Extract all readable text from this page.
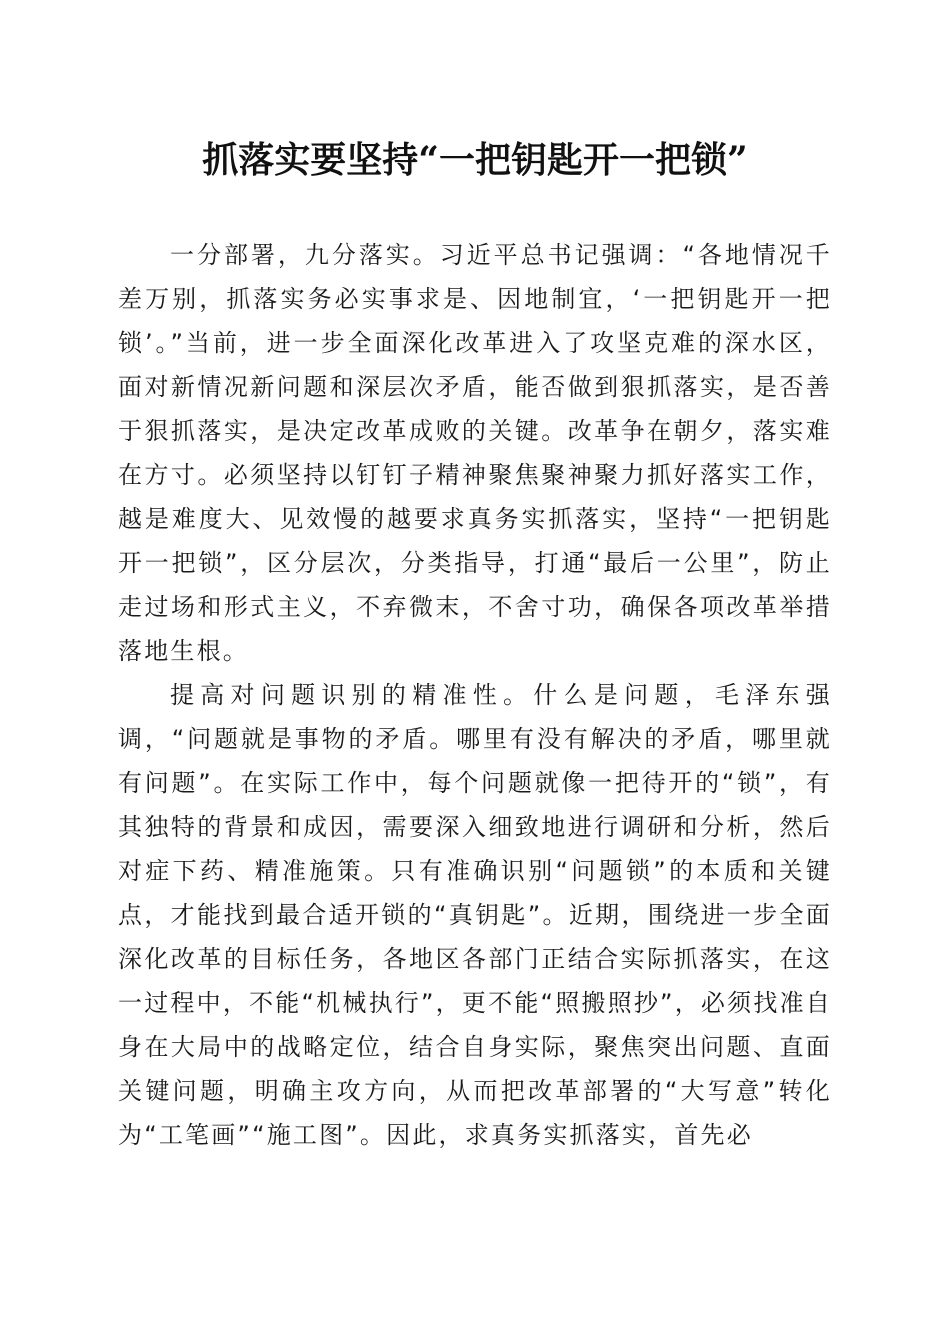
抓落实要坚持“一把钥匙开一把锁”

一分部署，九分落实。习近平总书记强调：“各地情况千差万别，抓落实务必实事求是、因地制宜，‘一把钥匙开一把锁’。”当前，进一步全面深化改革进入了攻坚克难的深水区，面对新情况新问题和深层次矛盾，能否做到狠抓落实，是否善于狠抓落实，是决定改革成败的关键。改革争在朝夕，落实难在方寸。必须坚持以钉钉子精神聚焦聚神聚力抓好落实工作，越是难度大、见效慢的越要求真务实抓落实，坚持“一把钥匙开一把锁”，区分层次，分类指导，打通“最后一公里”，防止走过场和形式主义，不弃微末，不舍寸功，确保各项改革举措落地生根。

提高对问题识别的精准性。什么是问题，毛泽东强调，“问题就是事物的矛盾。哪里有没有解决的矛盾，哪里就有问题”。在实际工作中，每个问题就像一把待开的“锁”，有其独特的背景和成因，需要深入细致地进行调研和分析，然后对症下药、精准施策。只有准确识别“问题锁”的本质和关键点，才能找到最合适开锁的“真钥匙”。近期，围绕进一步全面深化改革的目标任务，各地区各部门正结合实际抓落实，在这一过程中，不能“机械执行”，更不能“照搬照抄”，必须找准自身在大局中的战略定位，结合自身实际，聚焦突出问题、直面关键问题，明确主攻方向，从而把改革部署的“大写意”转化为“工笔画”“施工图”。因此，求真务实抓落实，首先必
